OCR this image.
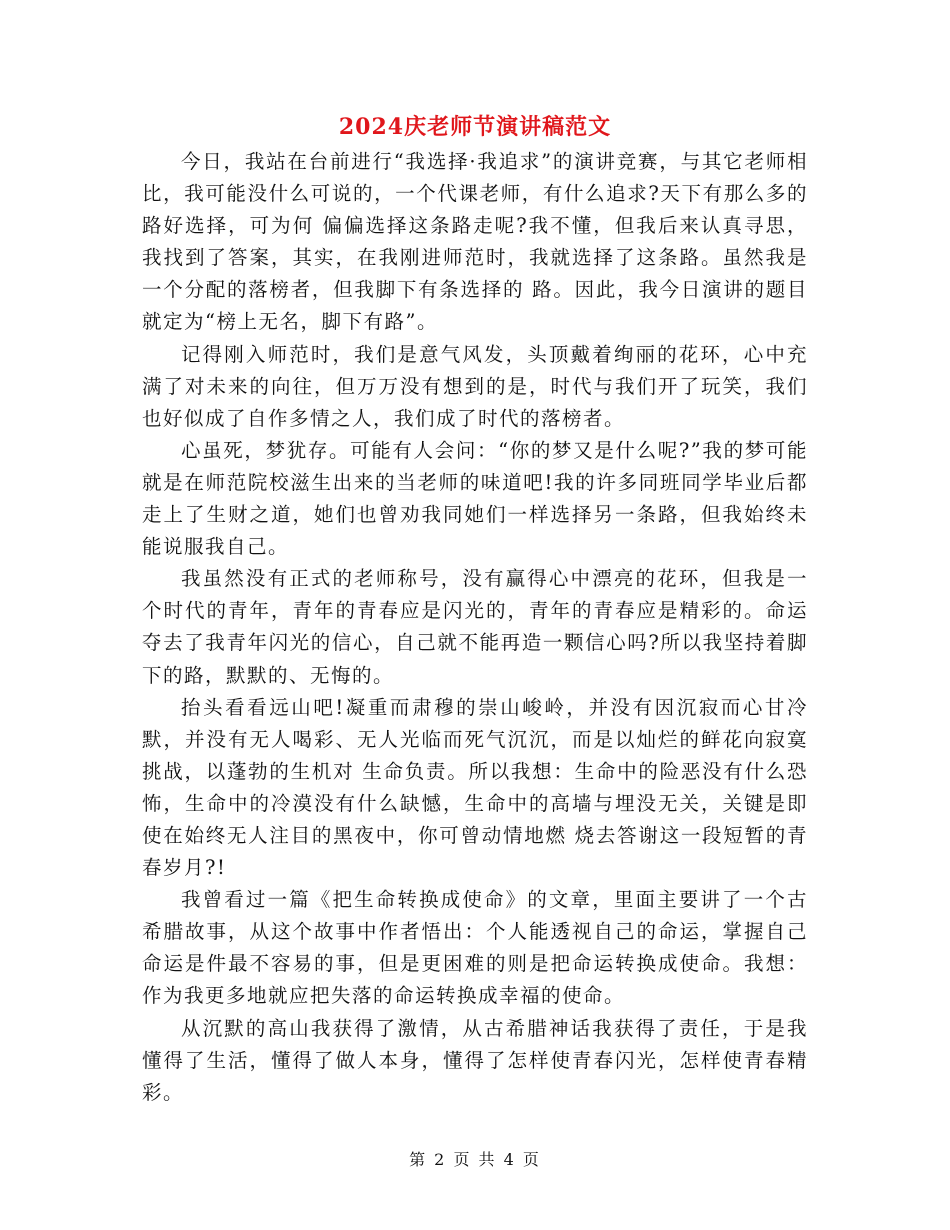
2024庆老师节演讲稿范文

今日，我站在台前进行“我选择·我追求”的演讲竞赛，与其它老师相比，我可能没什么可说的，一个代课老师，有什么追求?天下有那么多的路好选择，可为何 偏偏选择这条路走呢?我不懂，但我后来认真寻思，我找到了答案，其实，在我刚进师范时，我就选择了这条路。虽然我是一个分配的落榜者，但我脚下有条选择的 路。因此，我今日演讲的题目就定为“榜上无名，脚下有路”。

记得刚入师范时，我们是意气风发，头顶戴着绚丽的花环，心中充满了对未来的向往，但万万没有想到的是，时代与我们开了玩笑，我们也好似成了自作多情之人，我们成了时代的落榜者。

心虽死，梦犹存。可能有人会问：“你的梦又是什么呢?”我的梦可能就是在师范院校滋生出来的当老师的味道吧!我的许多同班同学毕业后都走上了生财之道，她们也曾劝我同她们一样选择另一条路，但我始终未能说服我自己。

我虽然没有正式的老师称号，没有赢得心中漂亮的花环，但我是一个时代的青年，青年的青春应是闪光的，青年的青春应是精彩的。命运夺去了我青年闪光的信心，自己就不能再造一颗信心吗?所以我坚持着脚下的路，默默的、无悔的。

抬头看看远山吧!凝重而肃穆的崇山峻岭，并没有因沉寂而心甘冷默，并没有无人喝彩、无人光临而死气沉沉，而是以灿烂的鲜花向寂寞挑战，以蓬勃的生机对 生命负责。所以我想：生命中的险恶没有什么恐怖，生命中的冷漠没有什么缺憾，生命中的高墙与埋没无关，关键是即使在始终无人注目的黑夜中，你可曾动情地燃 烧去答谢这一段短暂的青春岁月?!

我曾看过一篇《把生命转换成使命》的文章，里面主要讲了一个古希腊故事，从这个故事中作者悟出：个人能透视自己的命运，掌握自己命运是件最不容易的事，但是更困难的则是把命运转换成使命。我想：作为我更多地就应把失落的命运转换成幸福的使命。

从沉默的高山我获得了激情，从古希腊神话我获得了责任，于是我懂得了生活，懂得了做人本身，懂得了怎样使青春闪光，怎样使青春精彩。

第 2 页 共 4 页
